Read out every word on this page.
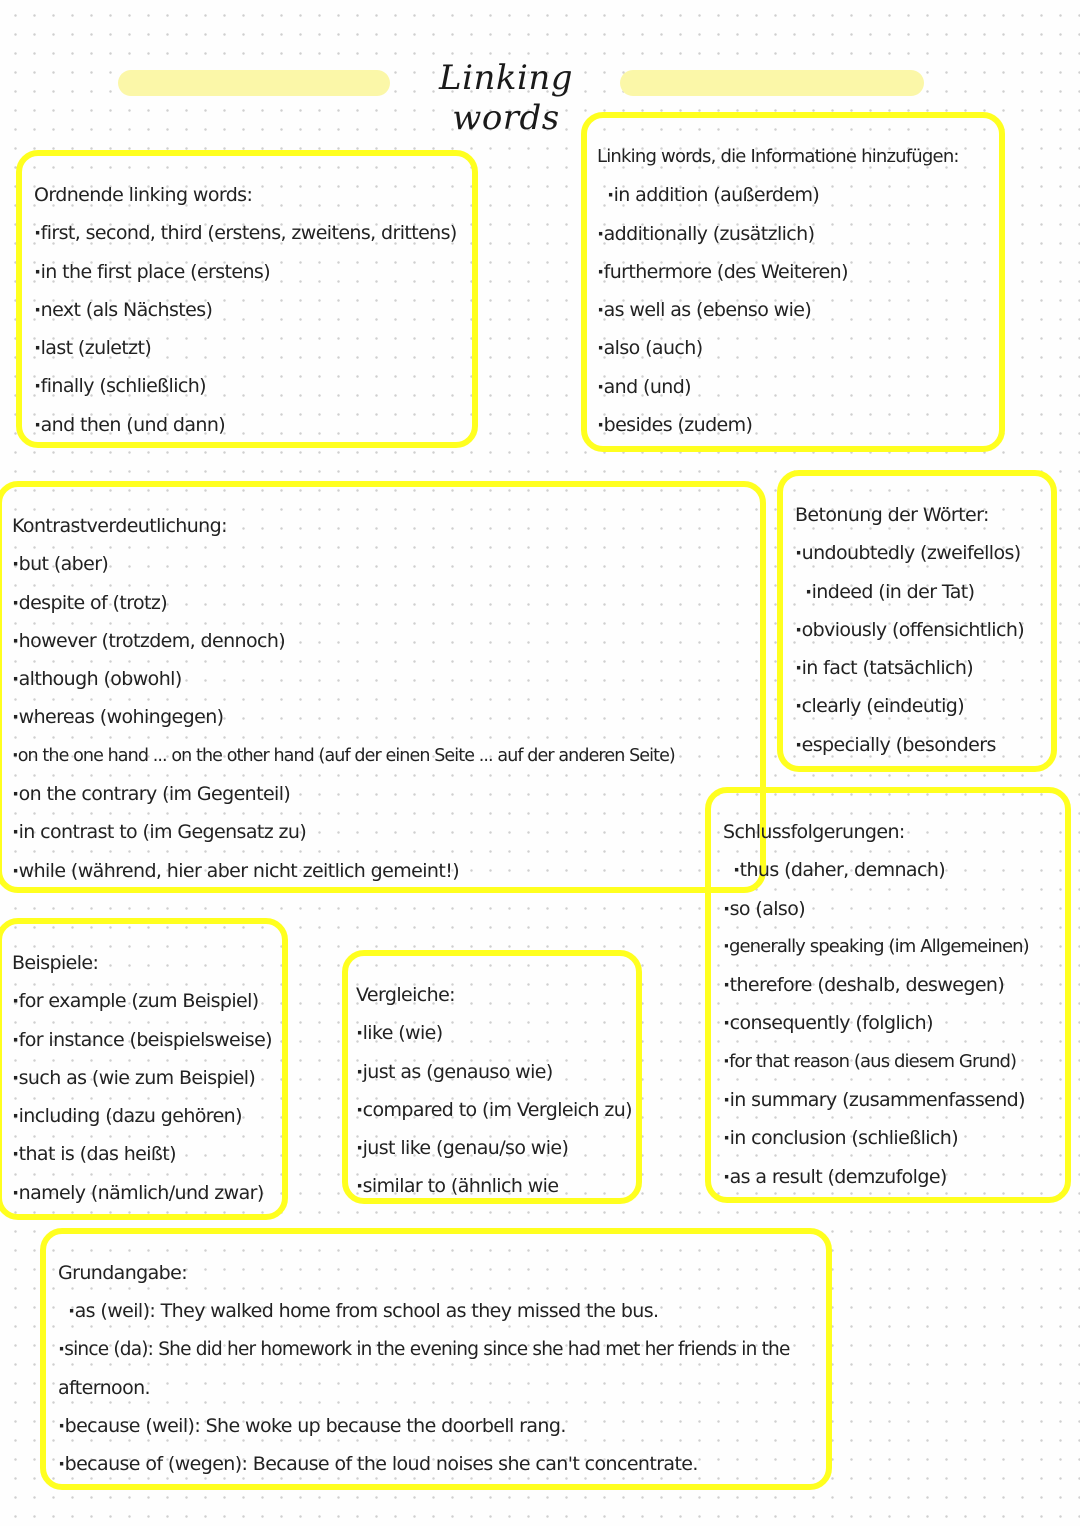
Linking words
Ordnende linking words:
· first, second, third (erstens, zweitens, drittens)
· in the first place (erstens)
· next (als Nächstes)
· last (zuletzt)
· finally (schließlich)
· and then (und dann)
Linking words, die Informatione hinzufügen:
· in addition (außerdem)
· additionally (zusätzlich)
· furthermore (des Weiteren)
· as well as (ebenso wie)
· also (auch)
· and (und)
· besides (zudem)
Kontrastverdeutlichung:
· but (aber)
· despite of (trotz)
· however (trotzdem, dennoch)
· although (obwohl)
· whereas (wohingegen)
· on the one hand ... on the other hand (auf der einen Seite ... auf der anderen Seite)
· on the contrary (im Gegenteil)
· in contrast to (im Gegensatz zu)
· while (während, hier aber nicht zeitlich gemeint!)
Betonung der Wörter:
· undoubtedly (zweifellos)
· indeed (in der Tat)
· obviously (offensichtlich)
· in fact (tatsächlich)
· clearly (eindeutig)
· especially (besonders
Schlussfolgerungen:
· thus (daher, demnach)
· so (also)
· generally speaking (im Allgemeinen)
· therefore (deshalb, deswegen)
· consequently (folglich)
· for that reason (aus diesem Grund)
· in summary (zusammenfassend)
· in conclusion (schließlich)
· as a result (demzufolge)
Beispiele:
· for example (zum Beispiel)
· for instance (beispielsweise)
· such as (wie zum Beispiel)
· including (dazu gehören)
· that is (das heißt)
· namely (nämlich/und zwar)
Vergleiche:
· like (wie)
· just as (genauso wie)
· compared to (im Vergleich zu)
· just like (genau/so wie)
· similar to (ähnlich wie
Grundangabe:
· as (weil): They walked home from school as they missed the bus.
· since (da): She did her homework in the evening since she had met her friends in the
afternoon.
· because (weil): She woke up because the doorbell rang.
· because of (wegen): Because of the loud noises she can't concentrate.
